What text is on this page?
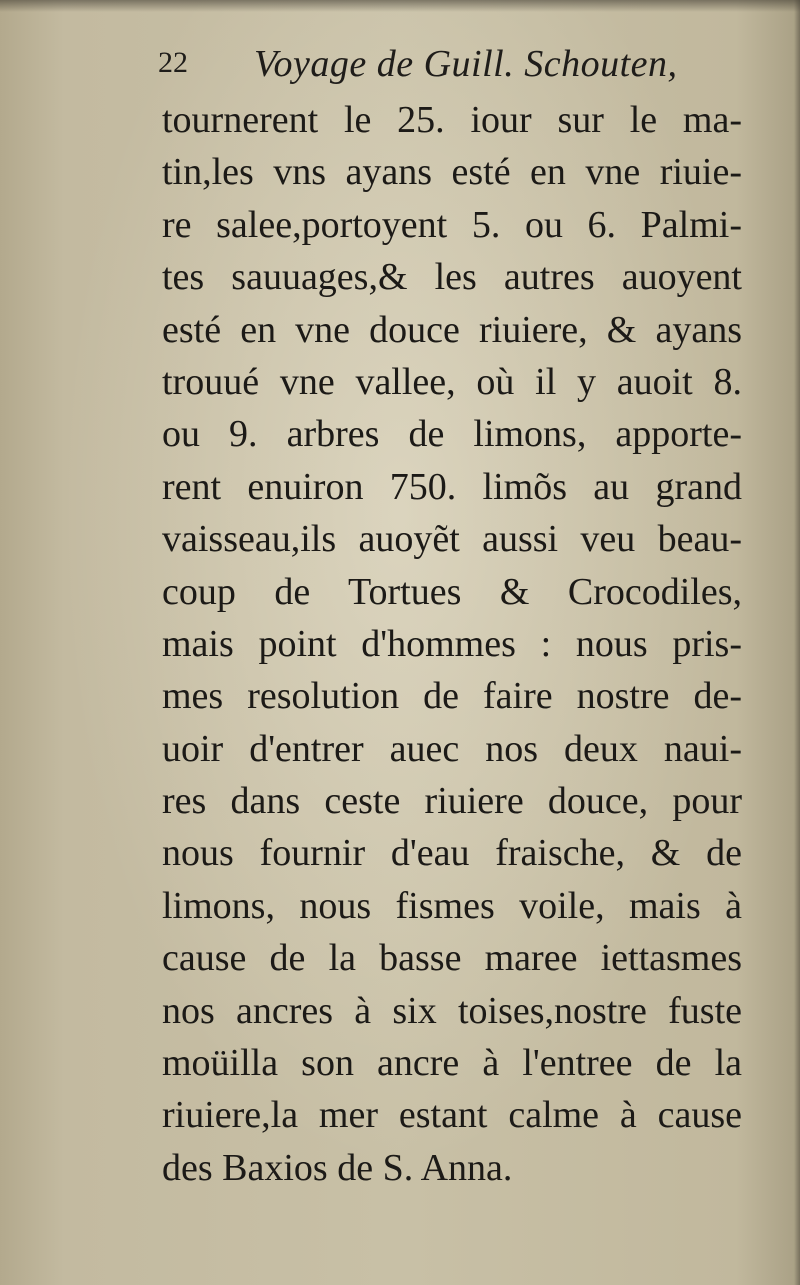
22 Voyage de Guill. Schouten,
tournerent le 25. iour sur le ma-
tin,les vns ayans esté en vne riuie-
re salee,portoyent 5. ou 6. Palmi-
tes sauuages,& les autres auoyent
esté en vne douce riuiere, & ayans
trouué vne vallee, où il y auoit 8.
ou 9. arbres de limons, apporte-
rent enuiron 750. limõs au grand
vaisseau,ils auoyẽt aussi veu beau-
coup de Tortues & Crocodiles,
mais point d'hommes : nous pris-
mes resolution de faire nostre de-
uoir d'entrer auec nos deux naui-
res dans ceste riuiere douce, pour
nous fournir d'eau fraische, & de
limons, nous fismes voile, mais à
cause de la basse maree iettasmes
nos ancres à six toises,nostre fuste
moüilla son ancre à l'entree de la
riuiere,la mer estant calme à cause
des Baxios de S. Anna.
